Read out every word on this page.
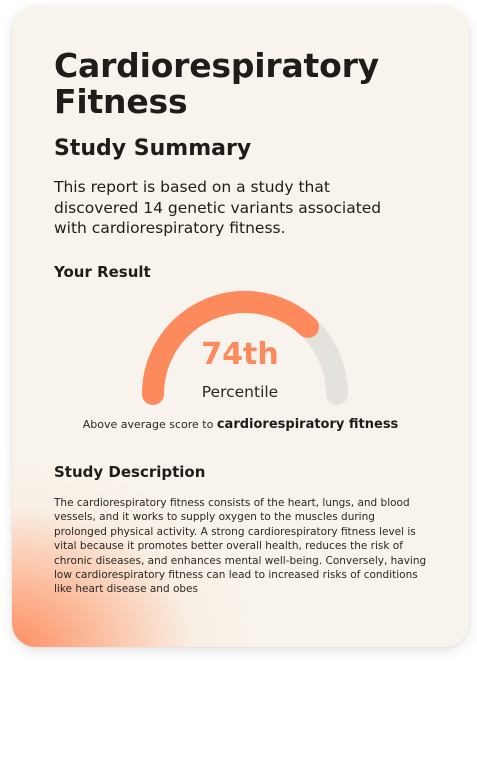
Cardiorespiratory Fitness
Study Summary

This report is based on a study that discovered 14 genetic variants associated with cardiorespiratory fitness.

Your Result
74th
Percentile
Above average score to cardiorespiratory fitness
Study Description

The cardiorespiratory fitness consists of the heart, lungs, and blood vessels, and it works to supply oxygen to the muscles during prolonged physical activity. A strong cardiorespiratory fitness level is vital because it promotes better overall health, reduces the risk of chronic diseases, and enhances mental well-being. Conversely, having low cardiorespiratory fitness can lead to increased risks of conditions like heart disease and obes
